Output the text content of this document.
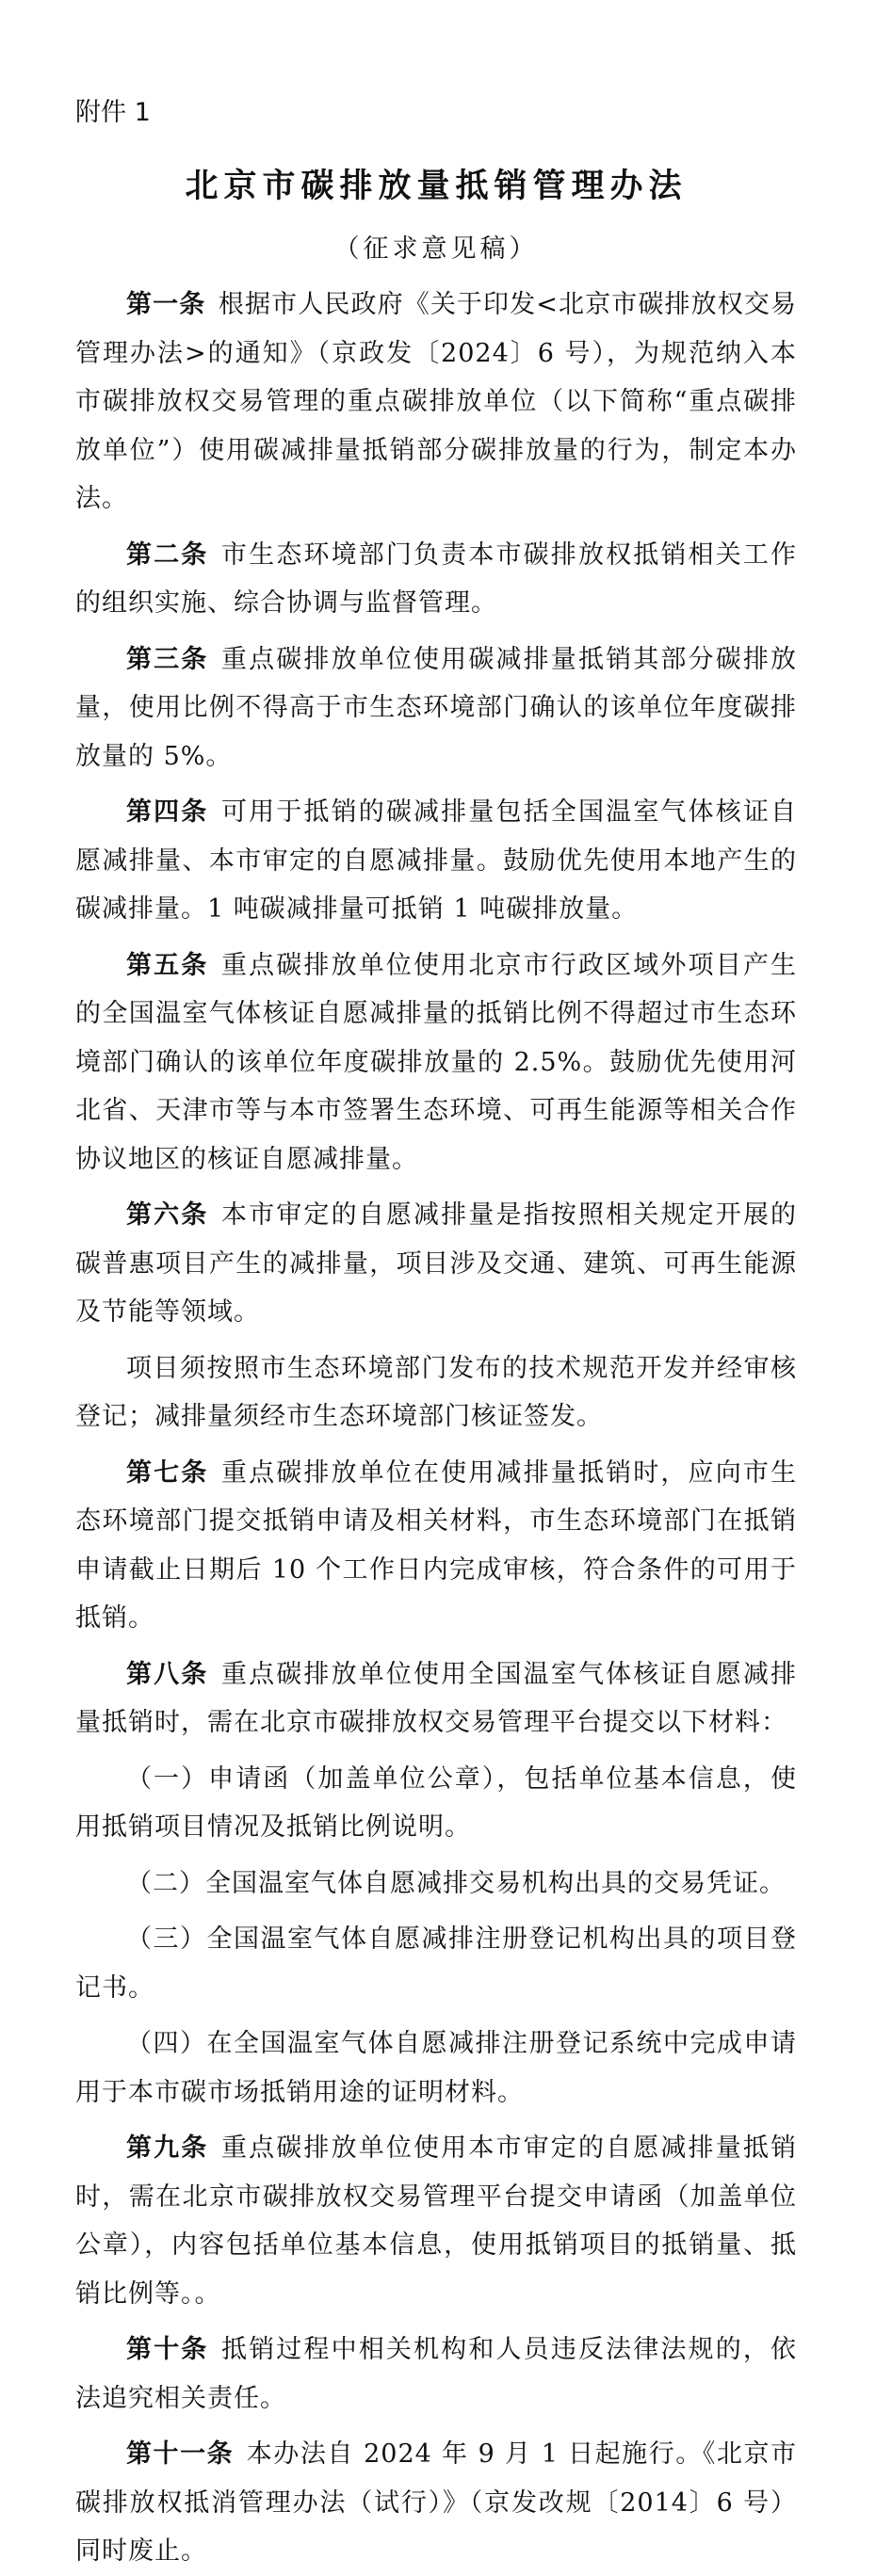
附件 1
北京市碳排放量抵销管理办法
（征求意见稿）
第一条 根据市人民政府《关于印发<北京市碳排放权交易管理办法>的通知》（京政发〔2024〕6 号），为规范纳入本市碳排放权交易管理的重点碳排放单位（以下简称“重点碳排放单位”）使用碳减排量抵销部分碳排放量的行为，制定本办法。
第二条 市生态环境部门负责本市碳排放权抵销相关工作的组织实施、综合协调与监督管理。
第三条 重点碳排放单位使用碳减排量抵销其部分碳排放量，使用比例不得高于市生态环境部门确认的该单位年度碳排放量的 5%。
第四条 可用于抵销的碳减排量包括全国温室气体核证自愿减排量、本市审定的自愿减排量。鼓励优先使用本地产生的碳减排量。1 吨碳减排量可抵销 1 吨碳排放量。
第五条 重点碳排放单位使用北京市行政区域外项目产生的全国温室气体核证自愿减排量的抵销比例不得超过市生态环境部门确认的该单位年度碳排放量的 2.5%。鼓励优先使用河北省、天津市等与本市签署生态环境、可再生能源等相关合作协议地区的核证自愿减排量。
第六条 本市审定的自愿减排量是指按照相关规定开展的碳普惠项目产生的减排量，项目涉及交通、建筑、可再生能源及节能等领域。
项目须按照市生态环境部门发布的技术规范开发并经审核登记；减排量须经市生态环境部门核证签发。
第七条 重点碳排放单位在使用减排量抵销时，应向市生态环境部门提交抵销申请及相关材料，市生态环境部门在抵销申请截止日期后 10 个工作日内完成审核，符合条件的可用于抵销。
第八条 重点碳排放单位使用全国温室气体核证自愿减排量抵销时，需在北京市碳排放权交易管理平台提交以下材料：
（一）申请函（加盖单位公章），包括单位基本信息，使用抵销项目情况及抵销比例说明。
（二）全国温室气体自愿减排交易机构出具的交易凭证。
（三）全国温室气体自愿减排注册登记机构出具的项目登记书。
（四）在全国温室气体自愿减排注册登记系统中完成申请用于本市碳市场抵销用途的证明材料。
第九条 重点碳排放单位使用本市审定的自愿减排量抵销时，需在北京市碳排放权交易管理平台提交申请函（加盖单位公章），内容包括单位基本信息，使用抵销项目的抵销量、抵销比例等。。
第十条 抵销过程中相关机构和人员违反法律法规的，依法追究相关责任。
第十一条 本办法自 2024 年 9 月 1 日起施行。《北京市碳排放权抵消管理办法（试行）》（京发改规〔2014〕6 号）同时废止。
